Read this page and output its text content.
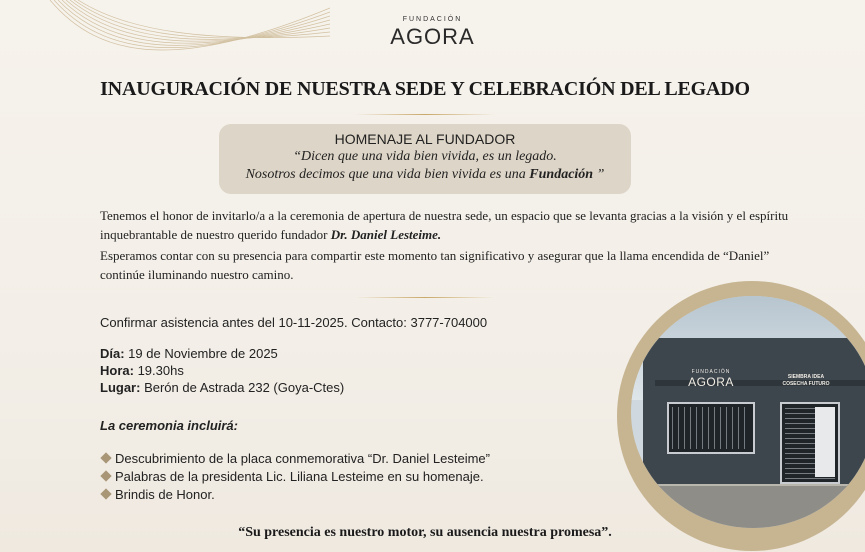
FUNDACIÓN
AGORA
INAUGURACIÓN DE NUESTRA SEDE Y CELEBRACIÓN DEL LEGADO
HOMENAJE AL FUNDADOR
“Dicen que una vida bien vivida, es un legado.
Nosotros decimos que una vida bien vivida es una Fundación ”
Tenemos el honor de invitarlo/a a la ceremonia de apertura de nuestra sede, un espacio que se levanta gracias a la visión y el espíritu inquebrantable de nuestro querido fundador Dr. Daniel Lesteime.
Esperamos contar con su presencia para compartir este momento tan significativo y asegurar que la llama encendida de “Daniel” continúe iluminando nuestro camino.
Confirmar asistencia antes del 10-11-2025. Contacto: 3777-704000
Día: 19 de Noviembre de 2025
Hora: 19.30hs
Lugar: Berón de Astrada 232 (Goya-Ctes)
La ceremonia incluirá:
Descubrimiento de la placa conmemorativa “Dr. Daniel Lesteime”
Palabras de la presidenta Lic. Liliana Lesteime en su homenaje.
Brindis de Honor.
“Su presencia es nuestro motor, su ausencia nuestra promesa”.
FUNDACIÓN
AGORA	SIEMBRA IDEA
COSECHA FUTURO
